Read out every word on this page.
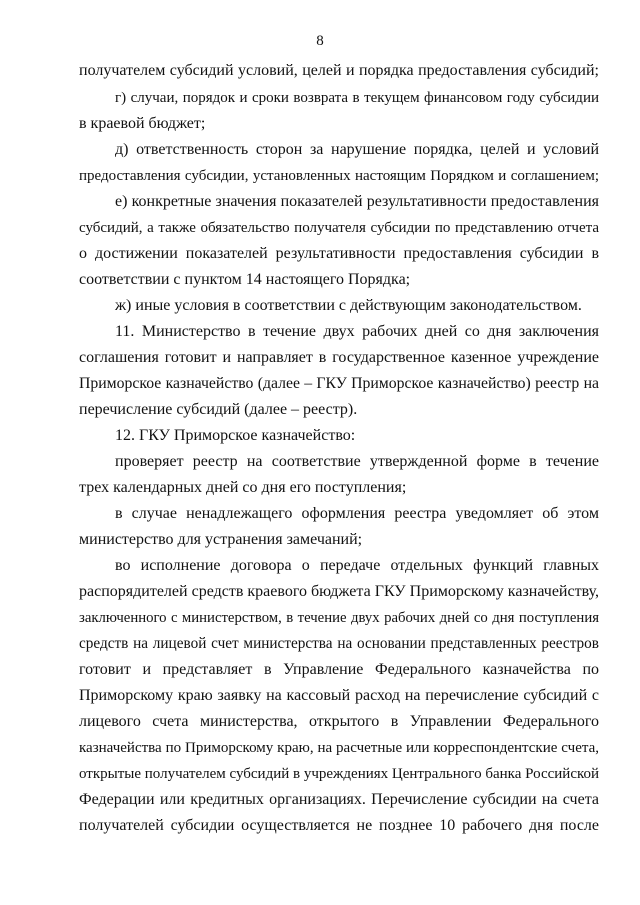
8
получателем субсидий условий, целей и порядка предоставления субсидий;
г) случаи, порядок и сроки возврата в текущем финансовом году субсидии
в краевой бюджет;
д) ответственность сторон за нарушение порядка, целей и условий
предоставления субсидии, установленных настоящим Порядком и соглашением;
е) конкретные значения показателей результативности предоставления
субсидий, а также обязательство получателя субсидии по представлению отчета
о достижении показателей результативности предоставления субсидии в
соответствии с пунктом 14 настоящего Порядка;
ж) иные условия в соответствии с действующим законодательством.
11. Министерство в течение двух рабочих дней со дня заключения
соглашения готовит и направляет в государственное казенное учреждение
Приморское казначейство (далее – ГКУ Приморское казначейство) реестр на
перечисление субсидий (далее – реестр).
12. ГКУ Приморское казначейство:
проверяет реестр на соответствие утвержденной форме в течение
трех календарных дней со дня его поступления;
в случае ненадлежащего оформления реестра уведомляет об этом
министерство для устранения замечаний;
во исполнение договора о передаче отдельных функций главных
распорядителей средств краевого бюджета ГКУ Приморскому казначейству,
заключенного с министерством, в течение двух рабочих дней со дня поступления
средств на лицевой счет министерства на основании представленных реестров
готовит и представляет в Управление Федерального казначейства по
Приморскому краю заявку на кассовый расход на перечисление субсидий с
лицевого счета министерства, открытого в Управлении Федерального
казначейства по Приморскому краю, на расчетные или корреспондентские счета,
открытые получателем субсидий в учреждениях Центрального банка Российской
Федерации или кредитных организациях. Перечисление субсидии на счета
получателей субсидии осуществляется не позднее 10 рабочего дня после
